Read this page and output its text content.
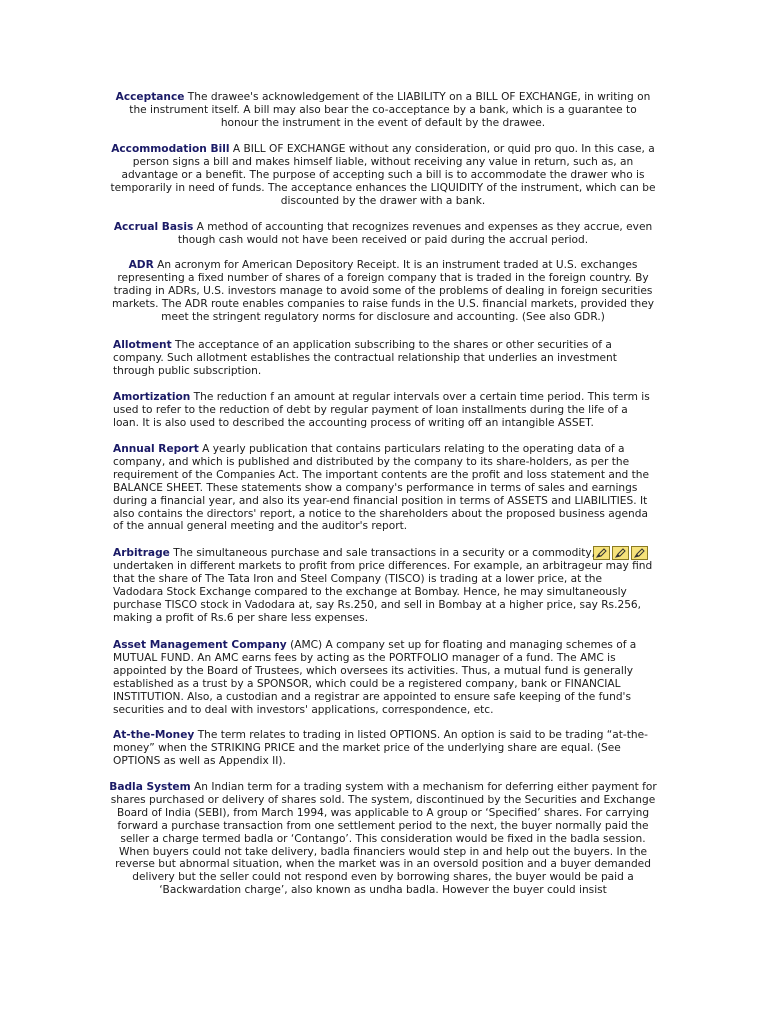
Acceptance The drawee's acknowledgement of the LIABILITY on a BILL OF EXCHANGE, in writing on the instrument itself. A bill may also bear the co-acceptance by a bank, which is a guarantee to honour the instrument in the event of default by the drawee.

Accommodation Bill A BILL OF EXCHANGE without any consideration, or quid pro quo. In this case, a person signs a bill and makes himself liable, without receiving any value in return, such as, an advantage or a benefit. The purpose of accepting such a bill is to accommodate the drawer who is temporarily in need of funds. The acceptance enhances the LIQUIDITY of the instrument, which can be discounted by the drawer with a bank.

Accrual Basis A method of accounting that recognizes revenues and expenses as they accrue, even though cash would not have been received or paid during the accrual period.

ADR An acronym for American Depository Receipt. It is an instrument traded at U.S. exchanges representing a fixed number of shares of a foreign company that is traded in the foreign country. By trading in ADRs, U.S. investors manage to avoid some of the problems of dealing in foreign securities markets. The ADR route enables companies to raise funds in the U.S. financial markets, provided they meet the stringent regulatory norms for disclosure and accounting. (See also GDR.)

Allotment The acceptance of an application subscribing to the shares or other securities of a company. Such allotment establishes the contractual relationship that underlies an investment through public subscription.

Amortization The reduction f an amount at regular intervals over a certain time period. This term is used to refer to the reduction of debt by regular payment of loan installments during the life of a loan. It is also used to described the accounting process of writing off an intangible ASSET.

Annual Report A yearly publication that contains particulars relating to the operating data of a company, and which is published and distributed by the company to its share-holders, as per the requirement of the Companies Act. The important contents are the profit and loss statement and the BALANCE SHEET. These statements show a company's performance in terms of sales and earnings during a financial year, and also its year-end financial position in terms of ASSETS and LIABILITIES. It also contains the directors' report, a notice to the shareholders about the proposed business agenda of the annual general meeting and the auditor's report.

Arbitrage The simultaneous purchase and sale transactions in a security or a commodity, undertaken in different markets to profit from price differences. For example, an arbitrageur may find that the share of The Tata Iron and Steel Company (TISCO) is trading at a lower price, at the Vadodara Stock Exchange compared to the exchange at Bombay. Hence, he may simultaneously purchase TISCO stock in Vadodara at, say Rs.250, and sell in Bombay at a higher price, say Rs.256, making a profit of Rs.6 per share less expenses.

Asset Management Company (AMC) A company set up for floating and managing schemes of a MUTUAL FUND. An AMC earns fees by acting as the PORTFOLIO manager of a fund. The AMC is appointed by the Board of Trustees, which oversees its activities. Thus, a mutual fund is generally established as a trust by a SPONSOR, which could be a registered company, bank or FINANCIAL INSTITUTION. Also, a custodian and a registrar are appointed to ensure safe keeping of the fund's securities and to deal with investors' applications, correspondence, etc.

At-the-Money The term relates to trading in listed OPTIONS. An option is said to be trading “at-the-money” when the STRIKING PRICE and the market price of the underlying share are equal. (See OPTIONS as well as Appendix II).

Badla System An Indian term for a trading system with a mechanism for deferring either payment for shares purchased or delivery of shares sold. The system, discontinued by the Securities and Exchange Board of India (SEBI), from March 1994, was applicable to A group or ‘Specified’ shares. For carrying forward a purchase transaction from one settlement period to the next, the buyer normally paid the seller a charge termed badla or ‘Contango’. This consideration would be fixed in the badla session. When buyers could not take delivery, badla financiers would step in and help out the buyers. In the reverse but abnormal situation, when the market was in an oversold position and a buyer demanded delivery but the seller could not respond even by borrowing shares, the buyer would be paid a ‘Backwardation charge’, also known as undha badla. However the buyer could insist
